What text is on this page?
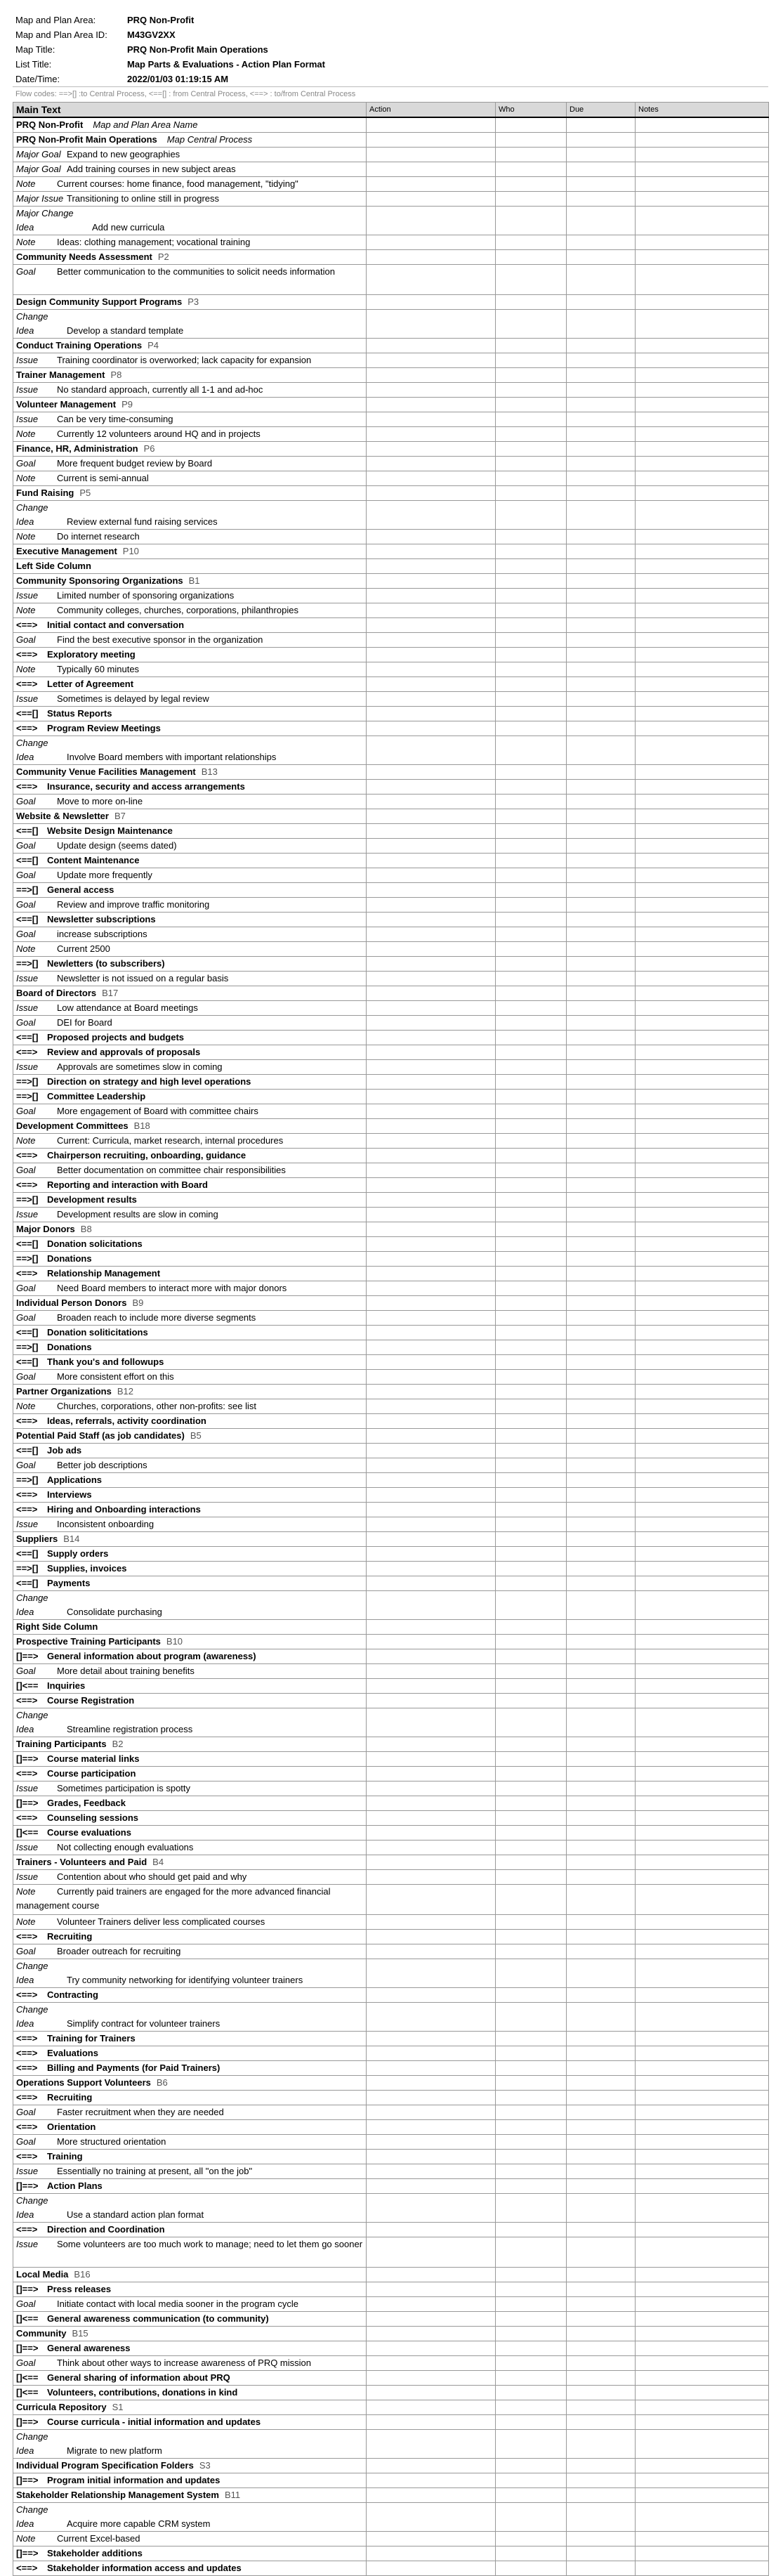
Map and Plan Area:	PRQ Non-Profit
Map and Plan Area ID:	M43GV2XX
Map Title:	PRQ Non-Profit Main Operations
List Title:	Map Parts & Evaluations - Action Plan Format
Date/Time:	2022/01/03 01:19:15 AM
Flow codes: ==>[] :to Central Process, <==[] : from Central Process, <==> : to/from Central Process
Main Text	Action	Who	Due	Notes
PRQ Non-Profit Map and Plan Area Name				
PRQ Non-Profit Main Operations Map Central Process				
Major Goal Expand to new geographies				
Major Goal Add training courses in new subject areas				
Note Current courses: home finance, food management, "tidying"				
Major Issue Transitioning to online still in progress				
Major Change Idea Add new curricula				
Note Ideas: clothing management; vocational training				
Community Needs Assessment P2				
Goal Better communication to the communities to solicit needs information				
Design Community Support Programs P3				
Change Idea Develop a standard template				
Conduct Training Operations P4				
Issue Training coordinator is overworked; lack capacity for expansion				
Trainer Management P8				
Issue No standard approach, currently all 1-1 and ad-hoc				
Volunteer Management P9				
Issue Can be very time-consuming				
Note Currently 12 volunteers around HQ and in projects				
Finance, HR, Administration P6				
Goal More frequent budget review by Board				
Note Current is semi-annual				
Fund Raising P5				
Change Idea Review external fund raising services				
Note Do internet research				
Executive Management P10				
Left Side Column				
Community Sponsoring Organizations B1				
Issue Limited number of sponsoring organizations				
Note Community colleges, churches, corporations, philanthropies				
<==> Initial contact and conversation				
Goal Find the best executive sponsor in the organization				
<==> Exploratory meeting				
Note Typically 60 minutes				
<==> Letter of Agreement				
Issue Sometimes is delayed by legal review				
<==[] Status Reports				
<==> Program Review Meetings				
Change Idea Involve Board members with important relationships				
Community Venue Facilities Management B13				
<==> Insurance, security and access arrangements				
Goal Move to more on-line				
Website & Newsletter B7				
<==[] Website Design Maintenance				
Goal Update design (seems dated)				
<==[] Content Maintenance				
Goal Update more frequently				
==>[] General access				
Goal Review and improve traffic monitoring				
<==[] Newsletter subscriptions				
Goal increase subscriptions				
Note Current 2500				
==>[] Newletters (to subscribers)				
Issue Newsletter is not issued on a regular basis				
Board of Directors B17				
Issue Low attendance at Board meetings				
Goal DEI for Board				
<==[] Proposed projects and budgets				
<==> Review and approvals of proposals				
Issue Approvals are sometimes slow in coming				
==>[] Direction on strategy and high level operations				
==>[] Committee Leadership				
Goal More engagement of Board with committee chairs				
Development Committees B18				
Note Current: Curricula, market research, internal procedures				
<==> Chairperson recruiting, onboarding, guidance				
Goal Better documentation on committee chair responsibilities				
<==> Reporting and interaction with Board				
==>[] Development results				
Issue Development results are slow in coming				
Major Donors B8				
<==[] Donation solicitations				
==>[] Donations				
<==> Relationship Management				
Goal Need Board members to interact more with major donors				
Individual Person Donors B9				
Goal Broaden reach to include more diverse segments				
<==[] Donation soliticitations				
==>[] Donations				
<==[] Thank you's and followups				
Goal More consistent effort on this				
Partner Organizations B12				
Note Churches, corporations, other non-profits: see list				
<==> Ideas, referrals, activity coordination				
Potential Paid Staff (as job candidates) B5				
<==[] Job ads				
Goal Better job descriptions				
==>[] Applications				
<==> Interviews				
<==> Hiring and Onboarding interactions				
Issue Inconsistent onboarding				
Suppliers B14				
<==[] Supply orders				
==>[] Supplies, invoices				
<==[] Payments				
Change Idea Consolidate purchasing				
Right Side Column				
Prospective Training Participants B10				
[]==> General information about program (awareness)				
Goal More detail about training benefits				
[]<== Inquiries				
<==> Course Registration				
Change Idea Streamline registration process				
Training Participants B2				
[]==> Course material links				
<==> Course participation				
Issue Sometimes participation is spotty				
[]==> Grades, Feedback				
<==> Counseling sessions				
[]<== Course evaluations				
Issue Not collecting enough evaluations				
Trainers - Volunteers and Paid B4				
Issue Contention about who should get paid and why				
Note Currently paid trainers are engaged for the more advanced financial management course				
Note Volunteer Trainers deliver less complicated courses				
<==> Recruiting				
Goal Broader outreach for recruiting				
Change Idea Try community networking for identifying volunteer trainers				
<==> Contracting				
Change Idea Simplify contract for volunteer trainers				
<==> Training for Trainers				
<==> Evaluations				
<==> Billing and Payments (for Paid Trainers)				
Operations Support Volunteers B6				
<==> Recruiting				
Goal Faster recruitment when they are needed				
<==> Orientation				
Goal More structured orientation				
<==> Training				
Issue Essentially no training at present, all "on the job"				
[]==> Action Plans				
Change Idea Use a standard action plan format				
<==> Direction and Coordination				
Issue Some volunteers are too much work to manage; need to let them go sooner				
Local Media B16				
[]==> Press releases				
Goal Initiate contact with local media sooner in the program cycle				
[]<== General awareness communication (to community)				
Community B15				
[]==> General awareness				
Goal Think about other ways to increase awareness of PRQ mission				
[]<== General sharing of information about PRQ				
[]<== Volunteers, contributions, donations in kind				
Curricula Repository S1				
[]==> Course curricula - initial information and updates				
Change Idea Migrate to new platform				
Individual Program Specification Folders S3				
[]==> Program initial information and updates				
Stakeholder Relationship Management System B11				
Change Idea Acquire more capable CRM system				
Note Current Excel-based				
[]==> Stakeholder additions				
<==> Stakeholder information access and updates				
